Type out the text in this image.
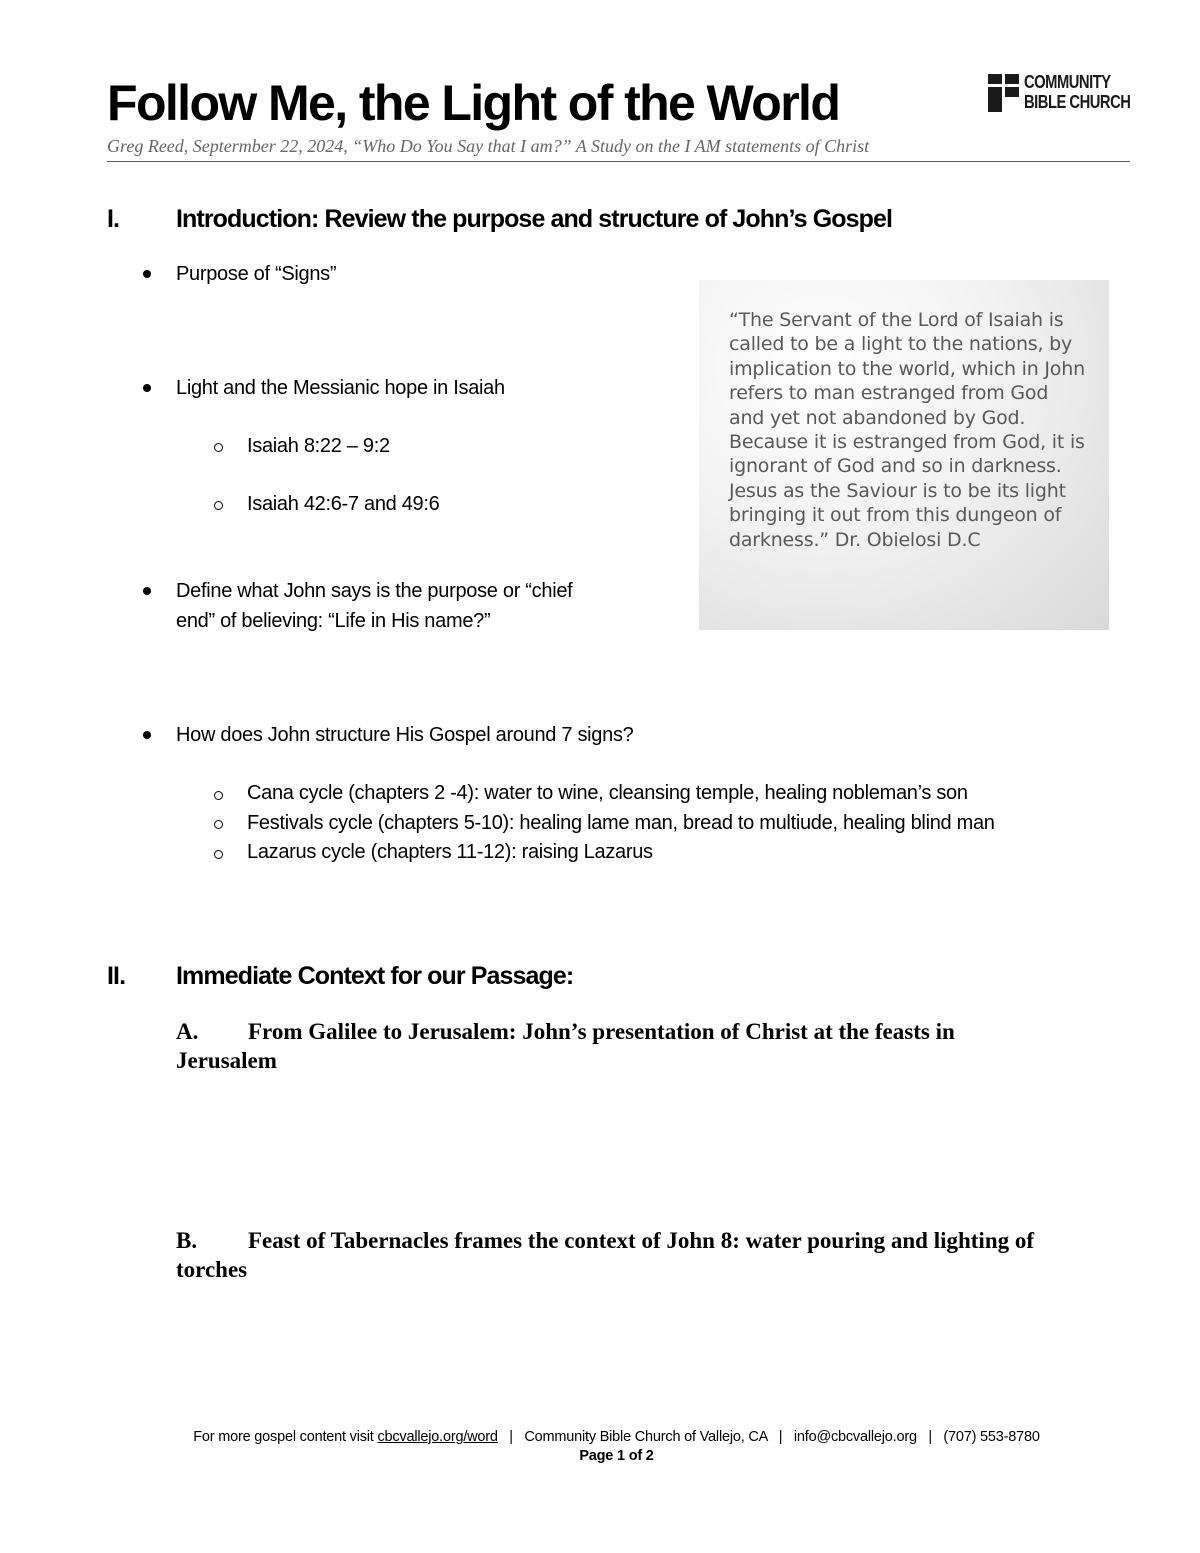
Follow Me, the Light of the World	COMMUNITY
BIBLE CHURCH
Greg Reed, Septermber 22, 2024, “Who Do You Say that I am?” A Study on the I AM statements of Christ
I. Introduction: Review the purpose and structure of John’s Gospel
Purpose of “Signs”
Light and the Messianic hope in Isaiah
Isaiah 8:22 – 9:2
Isaiah 42:6-7 and 49:6
Define what John says is the purpose or “chief
end” of believing: “Life in His name?”
How does John structure His Gospel around 7 signs?
Cana cycle (chapters 2 -4): water to wine, cleansing temple, healing nobleman’s son
Festivals cycle (chapters 5-10): healing lame man, bread to multiude, healing blind man
Lazarus cycle (chapters 11-12): raising Lazarus
“The Servant of the Lord of Isaiah is called to be a light to the nations, by implication to the world, which in John refers to man estranged from God and yet not abandoned by God. Because it is estranged from God, it is ignorant of God and so in darkness. Jesus as the Saviour is to be its light bringing it out from this dungeon of darkness.” Dr. Obielosi D.C
II. Immediate Context for our Passage:
A. From Galilee to Jerusalem: John’s presentation of Christ at the feasts in
Jerusalem
B. Feast of Tabernacles frames the context of John 8: water pouring and lighting of
torches
For more gospel content visit cbcvallejo.org/word   |   Community Bible Church of Vallejo, CA   |   info@cbcvallejo.org   |   (707) 553-8780
Page 1 of 2
